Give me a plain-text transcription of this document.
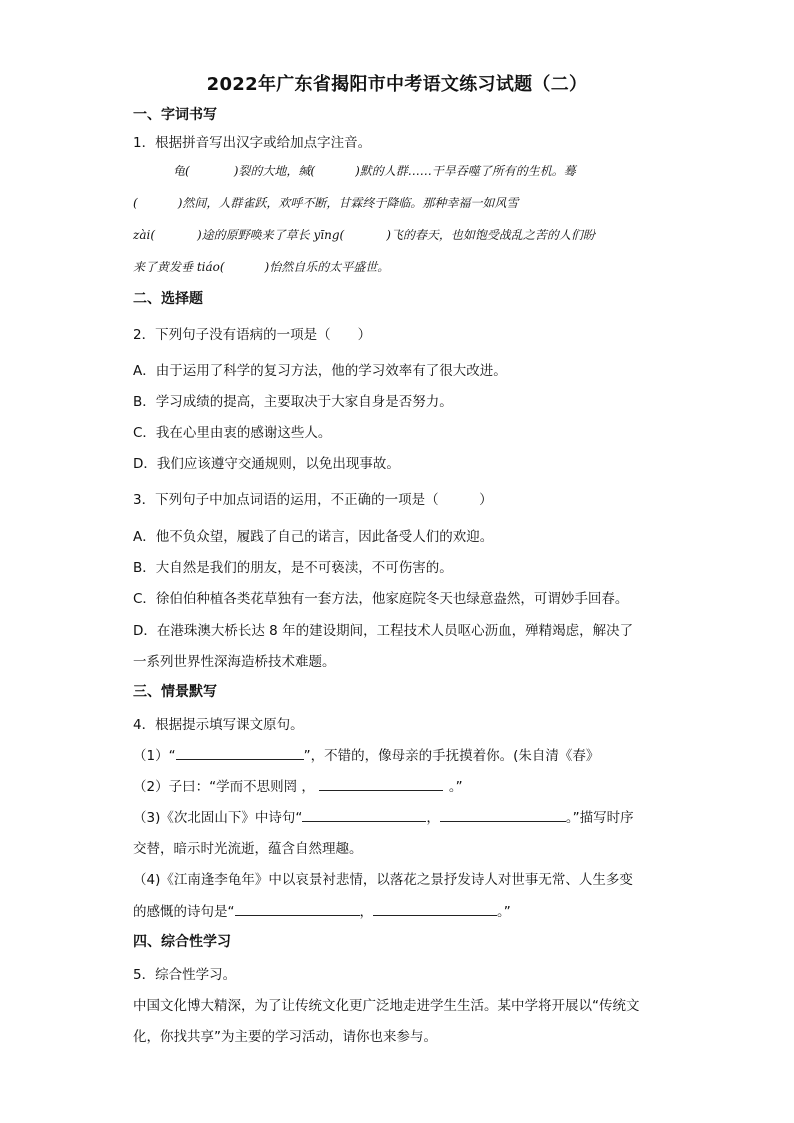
2022年广东省揭阳市中考语文练习试题（二）
一、字词书写
1．根据拼音写出汉字或给加点字注音。
龟(	)裂的大地，缄(	)默的人群……干旱吞噬了所有的生机。蓦
(	)然间，人群雀跃，欢呼不断，甘霖终于降临。那种幸福一如风雪
zài(	)途的原野唤来了草长 yīng(	)飞的春天，也如饱受战乱之苦的人们盼
来了黄发垂 tiáo(	)怡然自乐的太平盛世。
二、选择题
2．下列句子没有语病的一项是（　　）
A．由于运用了科学的复习方法，他的学习效率有了很大改进。
B．学习成绩的提高，主要取决于大家自身是否努力。
C．我在心里由衷的感谢这些人。
D．我们应该遵守交通规则，以免出现事故。
3．下列句子中加点词语的运用，不正确的一项是（　　　）
A．他不负众望，履践了自己的诺言，因此备受人们的欢迎。
B．大自然是我们的朋友，是不可亵渎，不可伤害的。
C．徐伯伯种植各类花草独有一套方法，他家庭院冬天也绿意盎然，可谓妙手回春。
D．在港珠澳大桥长达 8 年的建设期间，工程技术人员呕心沥血，殚精竭虑，解决了
一系列世界性深海造桥技术难题。
三、情景默写
4．根据提示填写课文原句。
（1）“	”，不错的，像母亲的手抚摸着你。(朱自清《春》
（2）子曰：“学而不思则罔 ，	。”
（3)《次北固山下》中诗句“	，	。”描写时序
交替，暗示时光流逝，蕴含自然理趣。
（4)《江南逢李龟年》中以哀景衬悲情，以落花之景抒发诗人对世事无常、人生多变
的感慨的诗句是“	，	。”
四、综合性学习
5．综合性学习。
中国文化博大精深，为了让传统文化更广泛地走进学生生活。某中学将开展以“传统文
化，你找共享”为主要的学习活动，请你也来参与。
